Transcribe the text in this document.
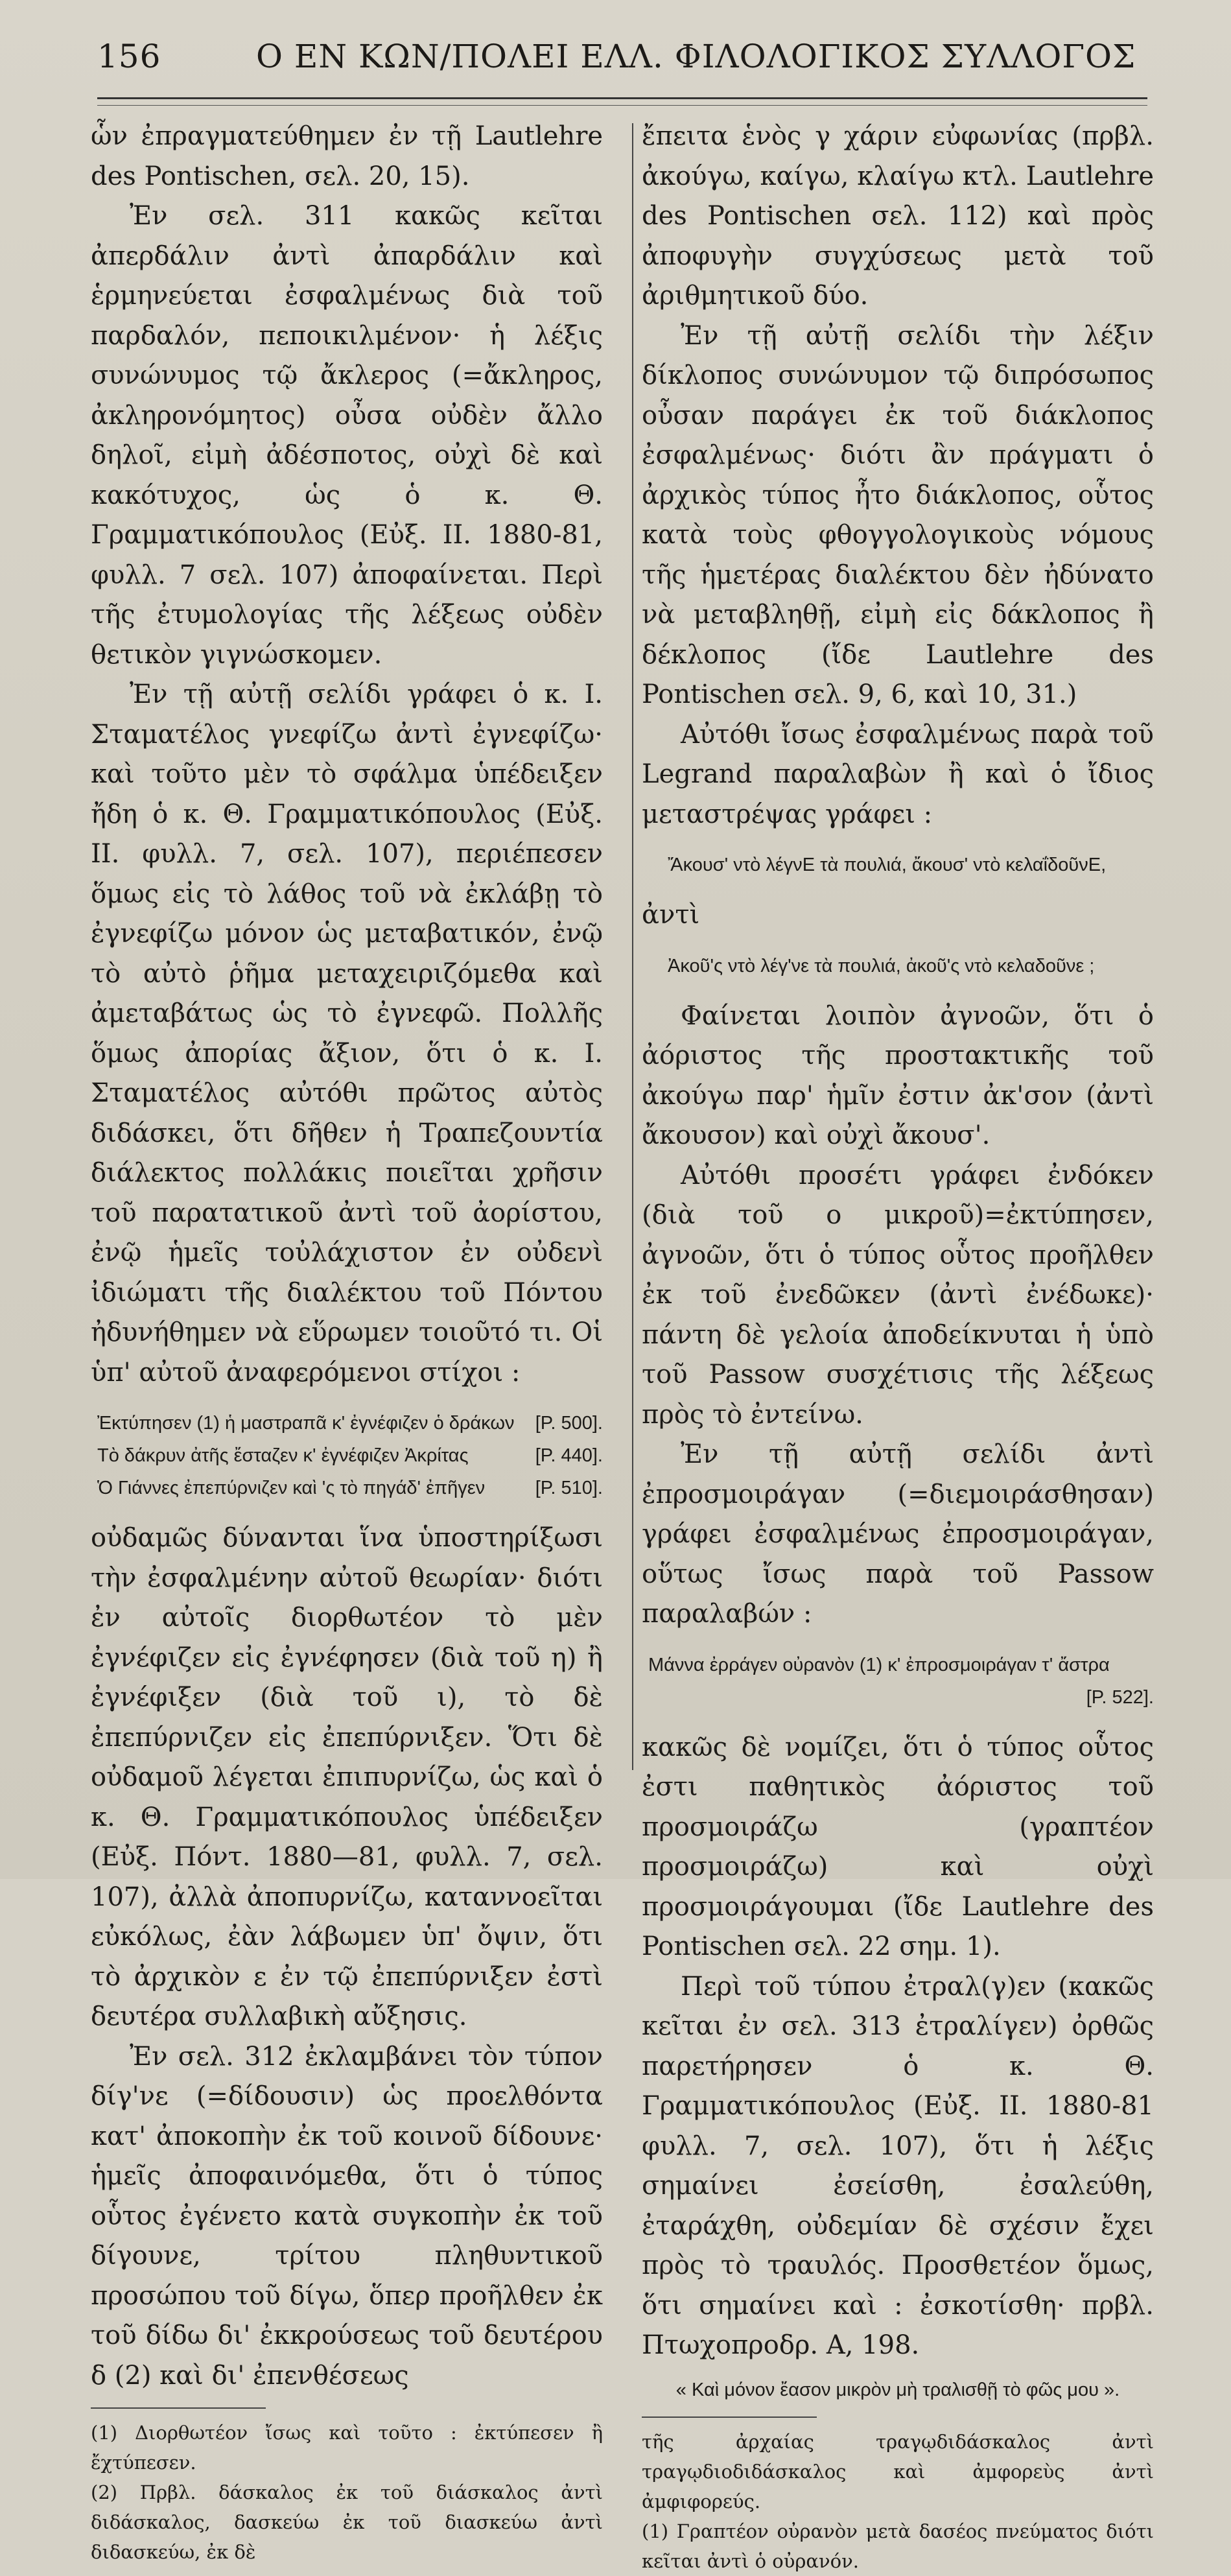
156	Ο ΕΝ ΚΩΝ/ΠΟΛΕΙ ΕΛΛ. ΦΙΛΟΛΟΓΙΚΟΣ ΣΥΛΛΟΓΟΣ

ὧν ἐπραγματεύθημεν ἐν τῇ Lautlehre des Pontischen, σελ. 20, 15).

Ἐν σελ. 311 κακῶς κεῖται ἀπερδάλιν ἀντὶ ἀπαρδάλιν καὶ ἑρμηνεύεται ἐσφαλμένως διὰ τοῦ παρδαλόν, πεποικιλμένον· ἡ λέξις συνώνυμος τῷ ἄκλερος (=ἄκληρος, ἀκληρονόμητος) οὖσα οὐδὲν ἄλλο δηλοῖ, εἰμὴ ἀδέσποτος, οὐχὶ δὲ καὶ κακότυχος, ὡς ὁ κ. Θ. Γραμματικόπουλος (Εὐξ. ΙΙ. 1880-81, φυλλ. 7 σελ. 107) ἀποφαίνεται. Περὶ τῆς ἐτυμολογίας τῆς λέξεως οὐδὲν θετικὸν γιγνώσκομεν.

Ἐν τῇ αὐτῇ σελίδι γράφει ὁ κ. Ι. Σταματέλος γνεφίζω ἀντὶ ἐγνεφίζω· καὶ τοῦτο μὲν τὸ σφάλμα ὑπέδειξεν ἤδη ὁ κ. Θ. Γραμματικόπουλος (Εὐξ. ΙΙ. φυλλ. 7, σελ. 107), περιέπεσεν ὅμως εἰς τὸ λάθος τοῦ νὰ ἐκλάβῃ τὸ ἐγνεφίζω μόνον ὡς μεταβατικόν, ἐνῷ τὸ αὐτὸ ῥῆμα μεταχειριζόμεθα καὶ ἀμεταβάτως ὡς τὸ ἐγνεφῶ. Πολλῆς ὅμως ἀπορίας ἄξιον, ὅτι ὁ κ. Ι. Σταματέλος αὐτόθι πρῶτος αὐτὸς διδάσκει, ὅτι δῆθεν ἡ Τραπεζουντία διάλεκτος πολλάκις ποιεῖται χρῆσιν τοῦ παρατατικοῦ ἀντὶ τοῦ ἀορίστου, ἐνῷ ἡμεῖς τοὐλάχιστον ἐν οὐδενὶ ἰδιώματι τῆς διαλέκτου τοῦ Πόντου ἠδυνήθημεν νὰ εὕρωμεν τοιοῦτό τι. Οἱ ὑπ' αὐτοῦ ἀναφερόμενοι στίχοι :

Ἐκτύπησεν (1) ἡ μαστραπᾶ κ' ἐγνέφιζεν ὁ δράκων [P. 500].
Τὸ δάκρυν ἀτῆς ἔσταζεν κ' ἐγνέφιζεν Ἀκρίτας	[P. 440].
Ὁ Γιάννες ἐπεπύρνιζεν καὶ 'ς τὸ πηγάδ' ἐπῆγεν	[P. 510].

οὐδαμῶς δύνανται ἵνα ὑποστηρίξωσι τὴν ἐσφαλμένην αὐτοῦ θεωρίαν· διότι ἐν αὐτοῖς διορθωτέον τὸ μὲν ἐγνέφιζεν εἰς ἐγνέφησεν (διὰ τοῦ η) ἢ ἐγνέφιξεν (διὰ τοῦ ι), τὸ δὲ ἐπεπύρνιζεν εἰς ἐπεπύρνιξεν. Ὅτι δὲ οὐδαμοῦ λέγεται ἐπιπυρνίζω, ὡς καὶ ὁ κ. Θ. Γραμματικόπουλος ὑπέδειξεν (Εὐξ. Πόντ. 1880—81, φυλλ. 7, σελ. 107), ἀλλὰ ἀποπυρνίζω, καταννοεῖται εὐκόλως, ἐὰν λάβωμεν ὑπ' ὄψιν, ὅτι τὸ ἀρχικὸν ε ἐν τῷ ἐπεπύρνιξεν ἐστὶ δευτέρα συλλαβικὴ αὔξησις.

Ἐν σελ. 312 ἐκλαμβάνει τὸν τύπον δίγ'νε (=δίδουσιν) ὡς προελθόντα κατ' ἀποκοπὴν ἐκ τοῦ κοινοῦ δίδουνε· ἡμεῖς ἀποφαινόμεθα, ὅτι ὁ τύπος οὗτος ἐγένετο κατὰ συγκοπὴν ἐκ τοῦ δίγουνε, τρίτου πληθυντικοῦ προσώπου τοῦ δίγω, ὅπερ προῆλθεν ἐκ τοῦ δίδω δι' ἐκκρούσεως τοῦ δευτέρου δ (2) καὶ δι' ἐπενθέσεως

(1) Διορθωτέον ἴσως καὶ τοῦτο : ἐκτύπεσεν ἢ ἔχτύπεσεν.

(2) Πρβλ. δάσκαλος ἐκ τοῦ διάσκαλος ἀντὶ διδάσκαλος, δασκεύω ἐκ τοῦ διασκεύω ἀντὶ διδασκεύω, ἐκ δὲ

ἔπειτα ἑνὸς γ χάριν εὐφωνίας (πρβλ. ἀκούγω, καίγω, κλαίγω κτλ. Lautlehre des Pontischen σελ. 112) καὶ πρὸς ἀποφυγὴν συγχύσεως μετὰ τοῦ ἀριθμητικοῦ δύο.

Ἐν τῇ αὐτῇ σελίδι τὴν λέξιν δίκλοπος συνώνυμον τῷ διπρόσωπος οὖσαν παράγει ἐκ τοῦ διάκλοπος ἐσφαλμένως· διότι ἂν πράγματι ὁ ἀρχικὸς τύπος ἦτο διάκλοπος, οὗτος κατὰ τοὺς φθογγολογικοὺς νόμους τῆς ἡμετέρας διαλέκτου δὲν ἠδύνατο νὰ μεταβληθῇ, εἰμὴ εἰς δάκλοπος ἢ δέκλοπος (ἴδε Lautlehre des Pontischen σελ. 9, 6, καὶ 10, 31.)

Αὐτόθι ἴσως ἐσφαλμένως παρὰ τοῦ Legrand παραλαβὼν ἢ καὶ ὁ ἴδιος μεταστρέψας γράφει :

Ἄκουσ' ντὸ λέγνΕ τὰ πουλιά, ἄκουσ' ντὸ κελαΐδοῦνΕ,

ἀντὶ

Ἀκοῦ'ς ντὸ λέγ'νε τὰ πουλιά, ἀκοῦ'ς ντὸ κελαδοῦνε ;

Φαίνεται λοιπὸν ἀγνοῶν, ὅτι ὁ ἀόριστος τῆς προστακτικῆς τοῦ ἀκούγω παρ' ἡμῖν ἐστιν ἀκ'σον (ἀντὶ ἄκουσον) καὶ οὐχὶ ἄκουσ'.

Αὐτόθι προσέτι γράφει ἐνδόκεν (διὰ τοῦ ο μικροῦ)=ἐκτύπησεν, ἀγνοῶν, ὅτι ὁ τύπος οὗτος προῆλθεν ἐκ τοῦ ἐνεδῶκεν (ἀντὶ ἐνέδωκε)· πάντη δὲ γελοία ἀποδείκνυται ἡ ὑπὸ τοῦ Passow συσχέτισις τῆς λέξεως πρὸς τὸ ἐντείνω.

Ἐν τῇ αὐτῇ σελίδι ἀντὶ ἐπροσμοιράγαν (=διεμοιράσθησαν) γράφει ἐσφαλμένως ἐπροσμοιράγαν, οὕτως ἴσως παρὰ τοῦ Passow παραλαβών :

Μάννα ἐρράγεν οὐρανὸν (1) κ' ἐπροσμοιράγαν τ' ἄστρα
[P. 522].

κακῶς δὲ νομίζει, ὅτι ὁ τύπος οὗτος ἐστι παθητικὸς ἀόριστος τοῦ προσμοιράζω (γραπτέον προσμοιράζω) καὶ οὐχὶ προσμοιράγουμαι (ἴδε Lautlehre des Pontischen σελ. 22 σημ. 1).

Περὶ τοῦ τύπου ἐτραλ(γ)εν (κακῶς κεῖται ἐν σελ. 313 ἐτραλίγεν) ὀρθῶς παρετήρησεν ὁ κ. Θ. Γραμματικόπουλος (Εὐξ. ΙΙ. 1880-81 φυλλ. 7, σελ. 107), ὅτι ἡ λέξις σημαίνει ἐσείσθη, ἐσαλεύθη, ἐταράχθη, οὐδεμίαν δὲ σχέσιν ἔχει πρὸς τὸ τραυλός. Προσθετέον ὅμως, ὅτι σημαίνει καὶ : ἐσκοτίσθη· πρβλ. Πτωχοπροδρ. Α, 198.

« Καὶ μόνον ἔασον μικρὸν μὴ τραλισθῇ τὸ φῶς μου ».

τῆς ἀρχαίας τραγῳδιδάσκαλος ἀντὶ τραγῳδιοδιδάσκαλος καὶ ἀμφορεὺς ἀντὶ ἀμφιφορεύς.

(1) Γραπτέον οὐρανὸν μετὰ δασέος πνεύματος διότι κεῖται ἀντὶ ὁ οὐρανόν.
